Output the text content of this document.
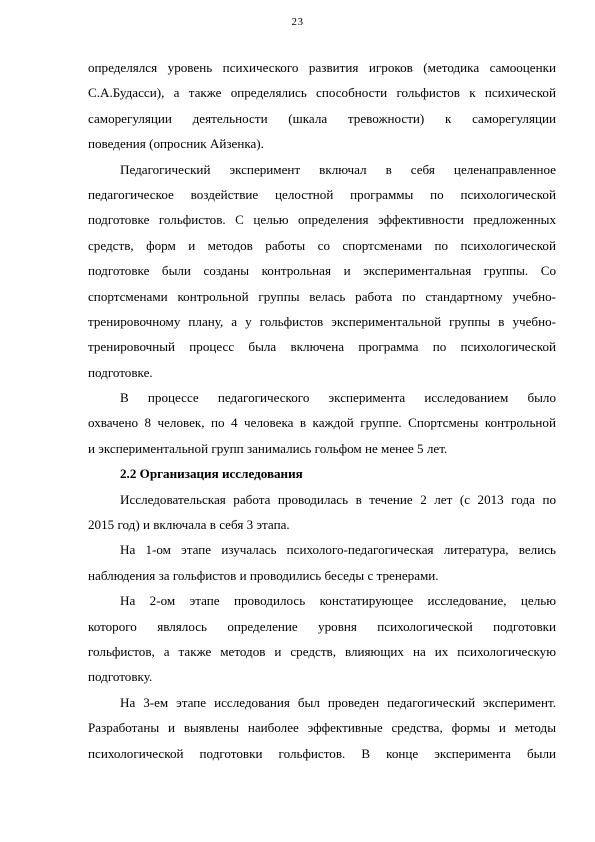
23
определялся уровень психического развития игроков (методика самооценки
С.А.Будасси), а также определялись способности гольфистов к психической
саморегуляции деятельности (шкала тревожности) к саморегуляции
поведения (опросник Айзенка).
Педагогический эксперимент включал в себя целенаправленное
педагогическое воздействие целостной программы по психологической
подготовке гольфистов. С целью определения эффективности предложенных
средств, форм и методов работы со спортсменами по психологической
подготовке были созданы контрольная и экспериментальная группы. Со
спортсменами контрольной группы велась работа по стандартному учебно-
тренировочному плану, а у гольфистов экспериментальной группы в учебно-
тренировочный процесс была включена программа по психологической
подготовке.
В процессе педагогического эксперимента исследованием было
охвачено 8 человек, по 4 человека в каждой группе. Спортсмены контрольной
и экспериментальной групп занимались гольфом не менее 5 лет.
2.2 Организация исследования
Исследовательская работа проводилась в течение 2 лет (с 2013 года по
2015 год) и включала в себя 3 этапа.
На 1-ом этапе изучалась психолого-педагогическая литература, велись
наблюдения за гольфистов и проводились беседы с тренерами.
На 2-ом этапе проводилось констатирующее исследование, целью
которого являлось определение уровня психологической подготовки
гольфистов, а также методов и средств, влияющих на их психологическую
подготовку.
На 3-ем этапе исследования был проведен педагогический эксперимент.
Разработаны и выявлены наиболее эффективные средства, формы и методы
психологической подготовки гольфистов. В конце эксперимента были
